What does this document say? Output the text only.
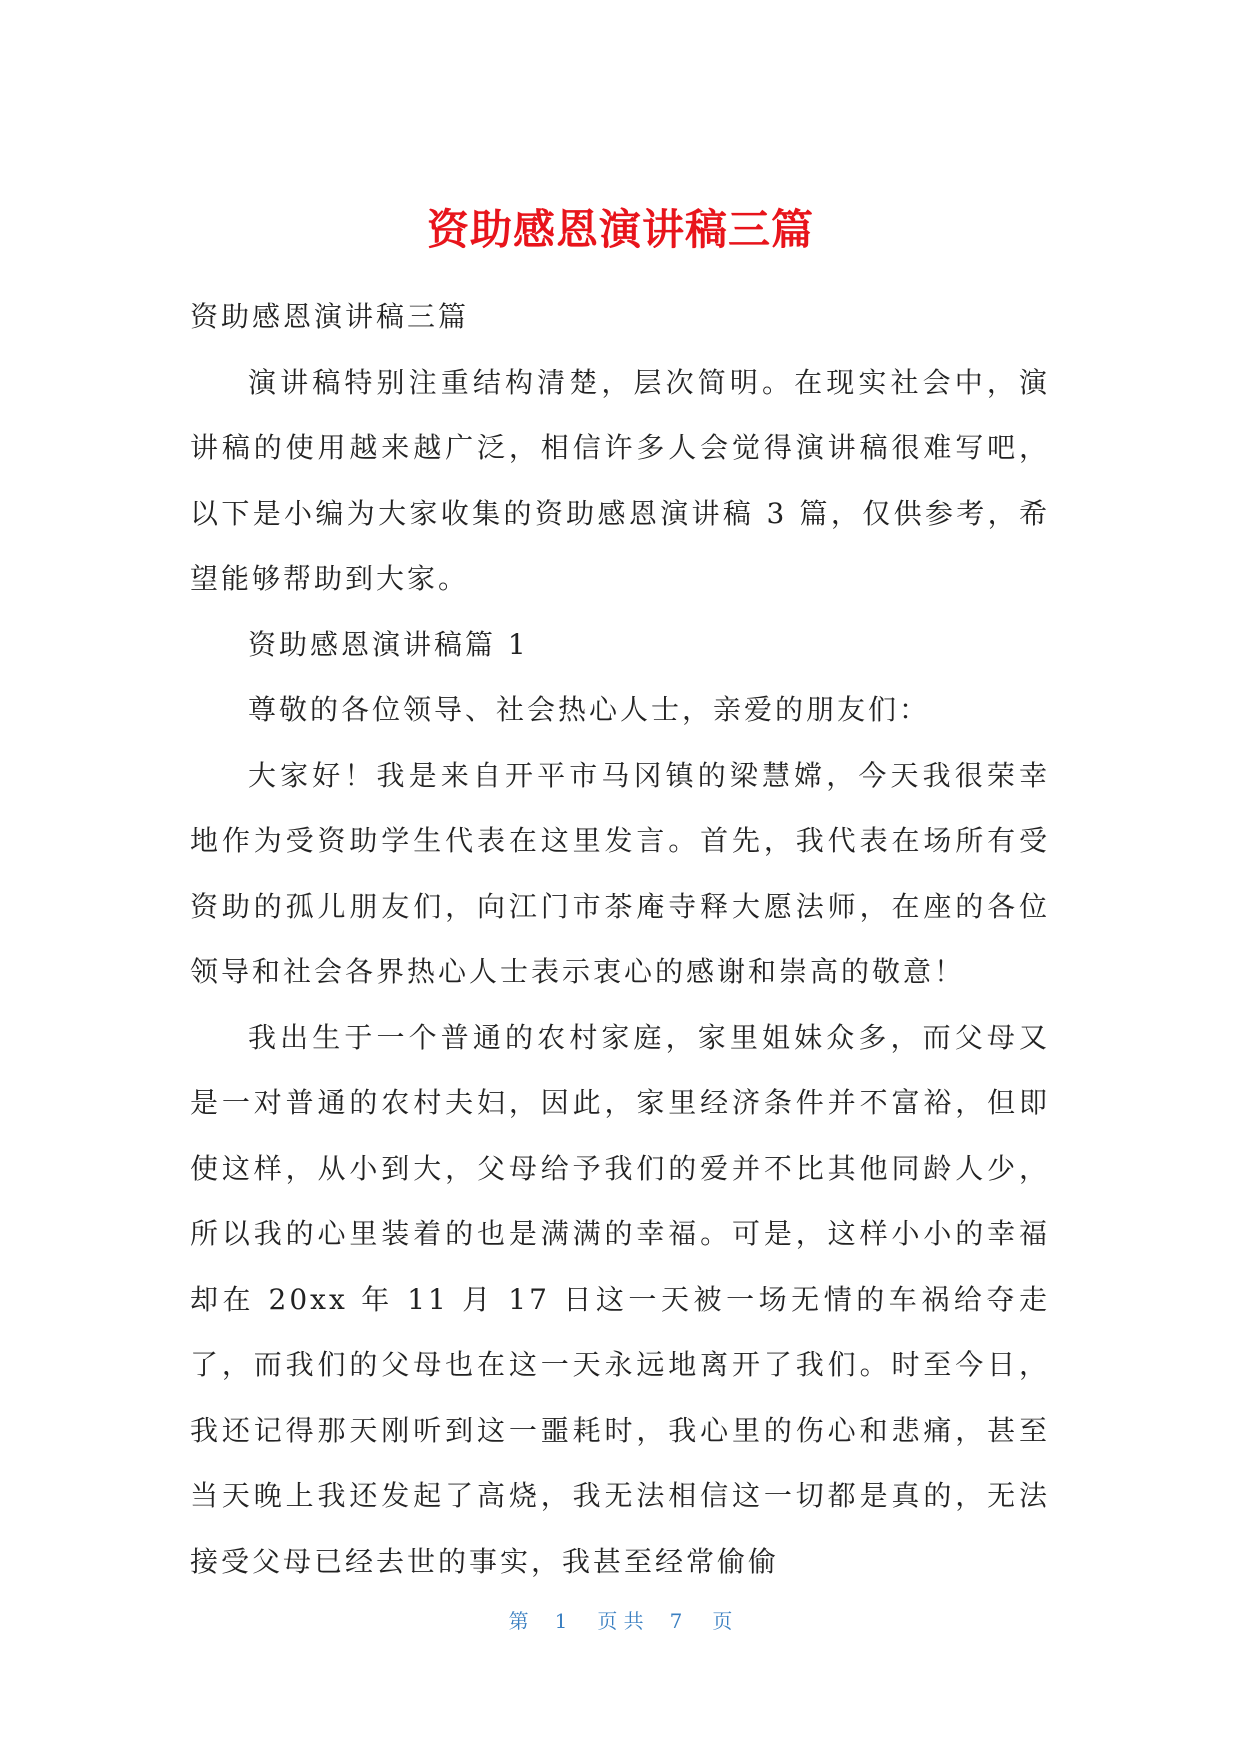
资助感恩演讲稿三篇

资助感恩演讲稿三篇

演讲稿特别注重结构清楚，层次简明。在现实社会中，演讲稿的使用越来越广泛，相信许多人会觉得演讲稿很难写吧，以下是小编为大家收集的资助感恩演讲稿 3 篇，仅供参考，希望能够帮助到大家。

资助感恩演讲稿篇 1

尊敬的各位领导、社会热心人士，亲爱的朋友们：

大家好！我是来自开平市马冈镇的梁慧嫦，今天我很荣幸地作为受资助学生代表在这里发言。首先，我代表在场所有受资助的孤儿朋友们，向江门市茶庵寺释大愿法师，在座的各位领导和社会各界热心人士表示衷心的感谢和崇高的敬意！

我出生于一个普通的农村家庭，家里姐妹众多，而父母又是一对普通的农村夫妇，因此，家里经济条件并不富裕，但即使这样，从小到大，父母给予我们的爱并不比其他同龄人少，所以我的心里装着的也是满满的幸福。可是，这样小小的幸福却在 20xx 年 11 月 17 日这一天被一场无情的车祸给夺走了，而我们的父母也在这一天永远地离开了我们。时至今日，我还记得那天刚听到这一噩耗时，我心里的伤心和悲痛，甚至当天晚上我还发起了高烧，我无法相信这一切都是真的，无法接受父母已经去世的事实，我甚至经常偷偷

第 1 页 共 7 页
